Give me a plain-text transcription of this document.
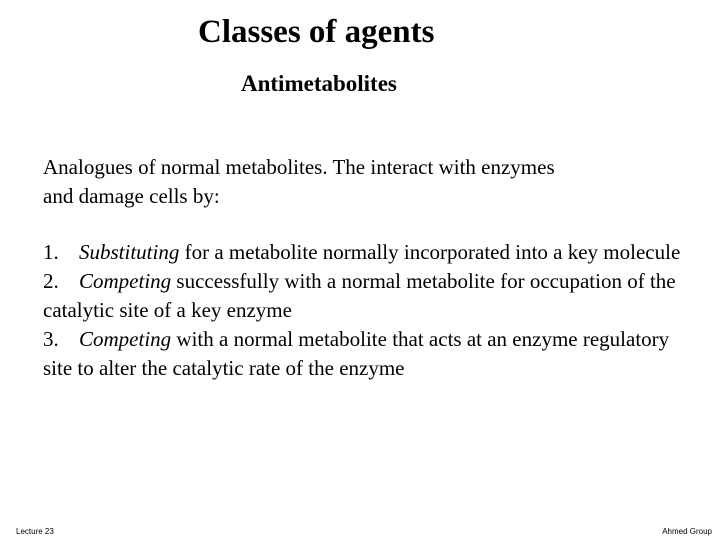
Classes of agents
Antimetabolites

Analogues of normal metabolites. The interact with enzymes
and damage cells by:

1. Substituting for a metabolite normally incorporated into a key molecule
2. Competing successfully with a normal metabolite for occupation of the catalytic site of a key enzyme
3. Competing with a normal metabolite that acts at an enzyme regulatory site to alter the catalytic rate of the enzyme
Lecture 23	Ahmed Group
